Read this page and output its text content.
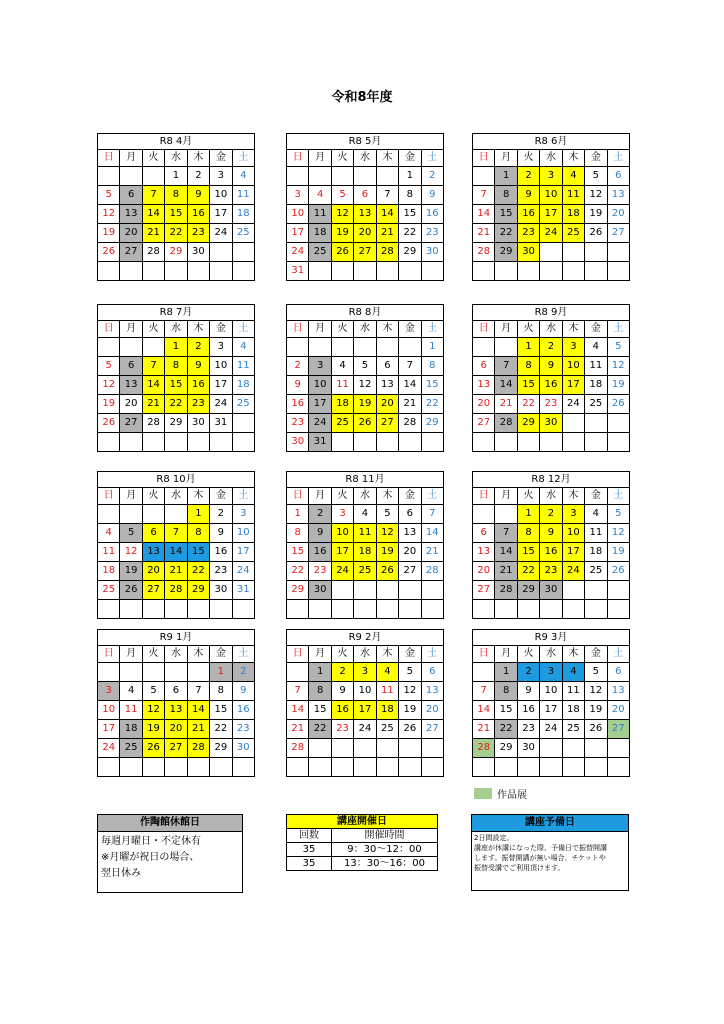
令和8年度
R8 4月						
日	月	火	水	木	金	土
			1	2	3	4
5	6	7	8	9	10	11
12	13	14	15	16	17	18
19	20	21	22	23	24	25
26	27	28	29	30		

R8 5月						
日	月	火	水	木	金	土
					1	2
3	4	5	6	7	8	9
10	11	12	13	14	15	16
17	18	19	20	21	22	23
24	25	26	27	28	29	30
31						
R8 6月						
日	月	火	水	木	金	土
	1	2	3	4	5	6
7	8	9	10	11	12	13
14	15	16	17	18	19	20
21	22	23	24	25	26	27
28	29	30				

R8 7月						
日	月	火	水	木	金	土
			1	2	3	4
5	6	7	8	9	10	11
12	13	14	15	16	17	18
19	20	21	22	23	24	25
26	27	28	29	30	31	

R8 8月						
日	月	火	水	木	金	土
						1
2	3	4	5	6	7	8
9	10	11	12	13	14	15
16	17	18	19	20	21	22
23	24	25	26	27	28	29
30	31					
R8 9月						
日	月	火	水	木	金	土
		1	2	3	4	5
6	7	8	9	10	11	12
13	14	15	16	17	18	19
20	21	22	23	24	25	26
27	28	29	30			

R8 10月						
日	月	火	水	木	金	土
				1	2	3
4	5	6	7	8	9	10
11	12	13	14	15	16	17
18	19	20	21	22	23	24
25	26	27	28	29	30	31

R8 11月						
日	月	火	水	木	金	土
1	2	3	4	5	6	7
8	9	10	11	12	13	14
15	16	17	18	19	20	21
22	23	24	25	26	27	28
29	30					

R8 12月						
日	月	火	水	木	金	土
		1	2	3	4	5
6	7	8	9	10	11	12
13	14	15	16	17	18	19
20	21	22	23	24	25	26
27	28	29	30			

R9 1月						
日	月	火	水	木	金	土
					1	2
3	4	5	6	7	8	9
10	11	12	13	14	15	16
17	18	19	20	21	22	23
24	25	26	27	28	29	30

R9 2月						
日	月	火	水	木	金	土
	1	2	3	4	5	6
7	8	9	10	11	12	13
14	15	16	17	18	19	20
21	22	23	24	25	26	27
28						

R9 3月						
日	月	火	水	木	金	土
	1	2	3	4	5	6
7	8	9	10	11	12	13
14	15	16	17	18	19	20
21	22	23	24	25	26	27
28	29	30				

作品展
作陶館休館日

毎週月曜日・不定休有
※月曜が祝日の場合、
翌日休み
講座開催日	
回数	開催時間
35	9：30〜12：00
35	13：30〜16：00
講座予備日

2日間設定。
講座が休講になった際、予備日で振替開講
します。振替開講が無い場合、チケットや
振替受講でご利用頂けます。
